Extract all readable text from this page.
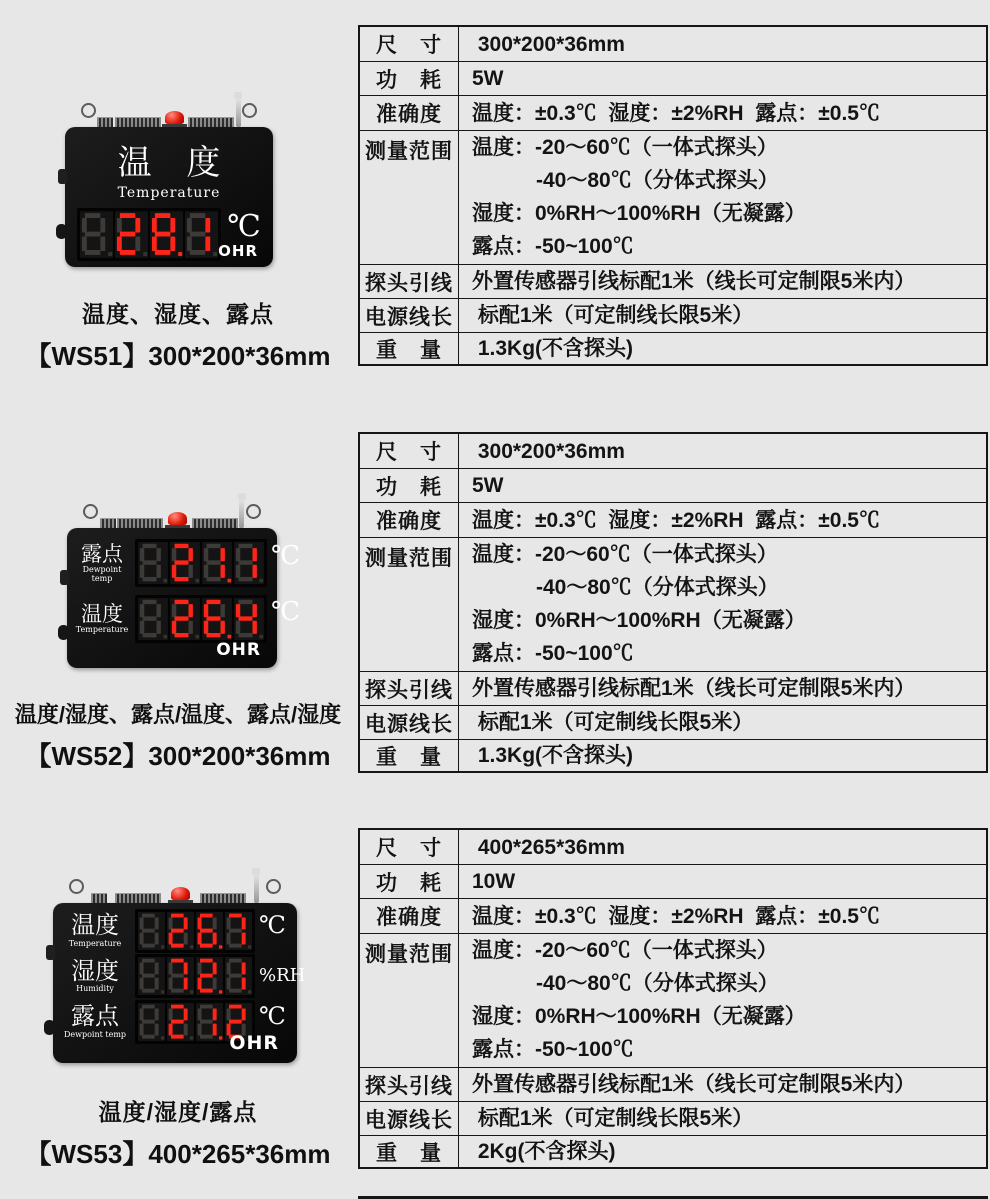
温 度
Temperature
℃
OHR
温度、湿度、露点
【WS51】300*200*36mm
尺　寸	300*200*36mm
功　耗	5W
准确度	温度：±0.3℃  湿度：±2%RH  露点：±0.5℃
测量范围 温度：-20～60℃（一体式探头）
-40～80℃（分体式探头）
湿度：0%RH～100%RH（无凝露）
露点：-50~100℃
探头引线 外置传感器引线标配1米（线长可定制限5米内）
电源线长 标配1米（可定制线长限5米）
重　量	1.3Kg(不含探头)
露点
Dewpoint temp
℃
温度
Temperature
℃
OHR
温度/湿度、露点/温度、露点/湿度
【WS52】300*200*36mm
尺　寸	300*200*36mm
功　耗	5W
准确度	温度：±0.3℃  湿度：±2%RH  露点：±0.5℃
测量范围 温度：-20～60℃（一体式探头）
-40～80℃（分体式探头）
湿度：0%RH～100%RH（无凝露）
露点：-50~100℃
探头引线 外置传感器引线标配1米（线长可定制限5米内）
电源线长 标配1米（可定制线长限5米）
重　量	1.3Kg(不含探头)
温度
Temperature
℃
湿度
Humidity
%RH
露点
Dewpoint temp
℃
OHR
温度/湿度/露点
【WS53】400*265*36mm
尺　寸	400*265*36mm
功　耗	10W
准确度	温度：±0.3℃  湿度：±2%RH  露点：±0.5℃
测量范围 温度：-20～60℃（一体式探头）
-40～80℃（分体式探头）
湿度：0%RH～100%RH（无凝露）
露点：-50~100℃
探头引线 外置传感器引线标配1米（线长可定制限5米内）
电源线长 标配1米（可定制线长限5米）
重　量	2Kg(不含探头)
